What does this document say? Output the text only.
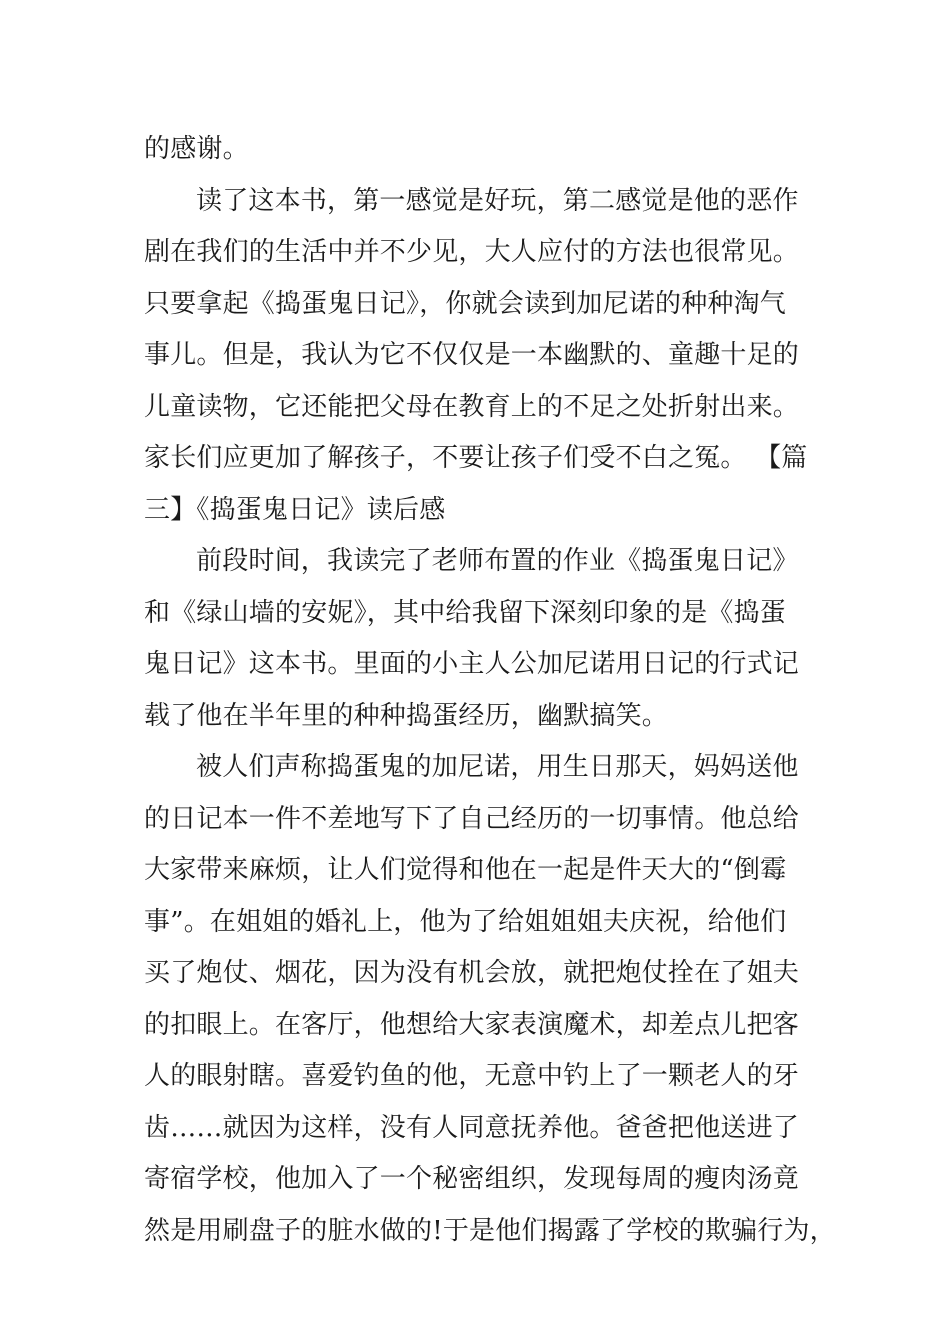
的感谢。
读了这本书，第一感觉是好玩，第二感觉是他的恶作
剧在我们的生活中并不少见，大人应付的方法也很常见。
只要拿起《捣蛋鬼日记》，你就会读到加尼诺的种种淘气
事儿。但是，我认为它不仅仅是一本幽默的、童趣十足的
儿童读物，它还能把父母在教育上的不足之处折射出来。
家长们应更加了解孩子，不要让孩子们受不白之冤。 【篇
三】《捣蛋鬼日记》读后感
前段时间，我读完了老师布置的作业《捣蛋鬼日记》
和《绿山墙的安妮》，其中给我留下深刻印象的是《捣蛋
鬼日记》这本书。里面的小主人公加尼诺用日记的行式记
载了他在半年里的种种捣蛋经历，幽默搞笑。
被人们声称捣蛋鬼的加尼诺，用生日那天，妈妈送他
的日记本一件不差地写下了自己经历的一切事情。他总给
大家带来麻烦，让人们觉得和他在一起是件天大的“倒霉
事”。在姐姐的婚礼上，他为了给姐姐姐夫庆祝，给他们
买了炮仗、烟花，因为没有机会放，就把炮仗拴在了姐夫
的扣眼上。在客厅，他想给大家表演魔术，却差点儿把客
人的眼射瞎。喜爱钓鱼的他，无意中钓上了一颗老人的牙
齿……就因为这样，没有人同意抚养他。爸爸把他送进了
寄宿学校，他加入了一个秘密组织，发现每周的瘦肉汤竟
然是用刷盘子的脏水做的!于是他们揭露了学校的欺骗行为，
